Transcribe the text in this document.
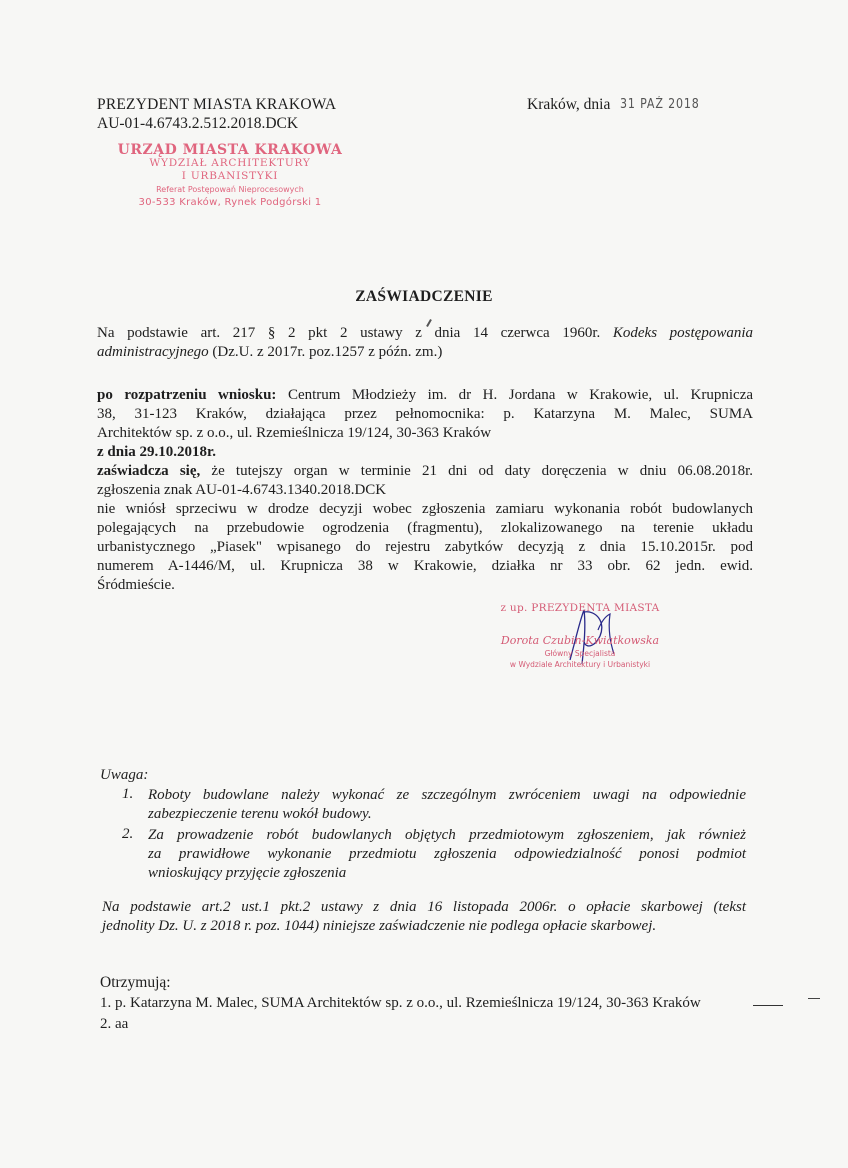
PREZYDENT MIASTA KRAKOWA
AU-01-4.6743.2.512.2018.DCK
Kraków, dnia 31 PAŹ 2018
URZĄD MIASTA KRAKOWA
WYDZIAŁ ARCHITEKTURY
I URBANISTYKI
Referat Postępowań Nieprocesowych
30-533 Kraków, Rynek Podgórski 1
ZAŚWIADCZENIE
Na podstawie art. 217 § 2 pkt 2 ustawy z dnia 14 czerwca 1960r. Kodeks postępowania
administracyjnego (Dz.U. z 2017r. poz.1257 z późn. zm.)
po rozpatrzeniu wniosku: Centrum Młodzieży im. dr H. Jordana w Krakowie, ul. Krupnicza
38, 31-123 Kraków, działająca przez pełnomocnika: p. Katarzyna M. Malec, SUMA
Architektów sp. z o.o., ul. Rzemieślnicza 19/124, 30-363 Kraków
z dnia 29.10.2018r.
zaświadcza się, że tutejszy organ w terminie 21 dni od daty doręczenia w dniu 06.08.2018r.
zgłoszenia znak AU-01-4.6743.1340.2018.DCK
nie wniósł sprzeciwu w drodze decyzji wobec zgłoszenia zamiaru wykonania robót budowlanych
polegających na przebudowie ogrodzenia (fragmentu), zlokalizowanego na terenie układu
urbanistycznego „Piasek" wpisanego do rejestru zabytków decyzją z dnia 15.10.2015r. pod
numerem A-1446/M, ul. Krupnicza 38 w Krakowie, działka nr 33 obr. 62 jedn. ewid.
Śródmieście.
z up. PREZYDENTA MIASTA
Dorota Czubin-Kwiatkowska
Główny Specjalista
w Wydziale Architektury i Urbanistyki
Uwaga:
1. Roboty budowlane należy wykonać ze szczególnym zwróceniem uwagi na odpowiednie
zabezpieczenie terenu wokół budowy.
2. Za prowadzenie robót budowlanych objętych przedmiotowym zgłoszeniem, jak również
za prawidłowe wykonanie przedmiotu zgłoszenia odpowiedzialność ponosi podmiot
wnioskujący przyjęcie zgłoszenia
Na podstawie art.2 ust.1 pkt.2 ustawy z dnia 16 listopada 2006r. o opłacie skarbowej (tekst
jednolity Dz. U. z 2018 r. poz. 1044) niniejsze zaświadczenie nie podlega opłacie skarbowej.
Otrzymują:
1. p. Katarzyna M. Malec, SUMA Architektów sp. z o.o., ul. Rzemieślnicza 19/124, 30-363 Kraków
2. aa
